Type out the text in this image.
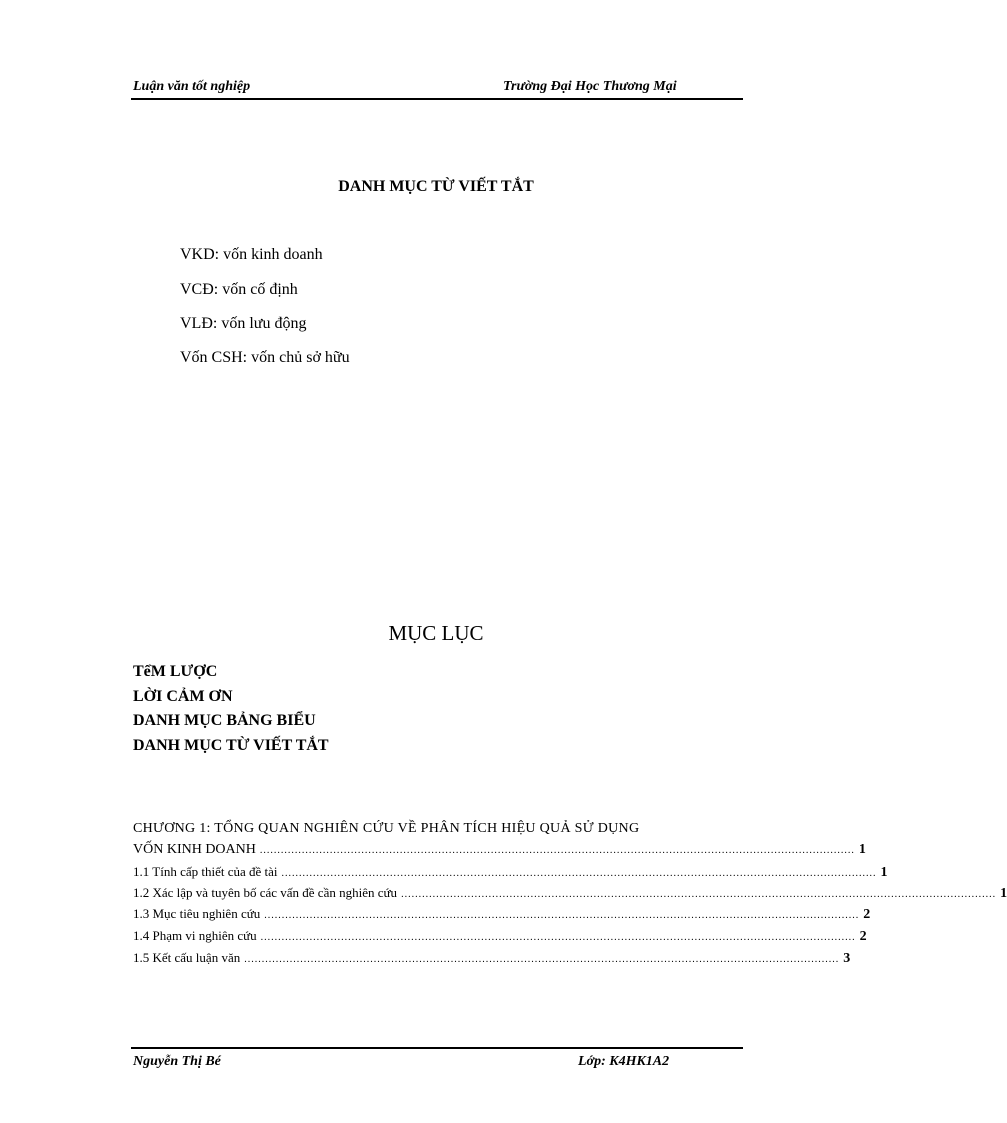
Luận văn tốt nghiệp	Trường Đại Học Thương Mại
DANH MỤC TỪ VIẾT TẮT
VKD: vốn kinh doanh
VCĐ: vốn cố định
VLĐ: vốn lưu động
Vốn CSH: vốn chủ sở hữu
MỤC LỤC
TểM LƯỢC
LỜI CẢM ƠN
DANH MỤC BẢNG BIỂU
DANH MỤC TỪ VIẾT TẮT
CHƯƠNG 1: TỔNG QUAN NGHIÊN CỨU VỀ PHÂN TÍCH HIỆU QUẢ SỬ DỤNG
VỐN KINH DOANH .......................................................................................................................................................................... 1
1.1 Tính cấp thiết của đề tài .......................................................................................................................................................................... 1
1.2 Xác lập và tuyên bố các vấn đề cần nghiên cứu .......................................................................................................................................................................... 1
1.3 Mục tiêu nghiên cứu .......................................................................................................................................................................... 2
1.4 Phạm vi nghiên cứu .......................................................................................................................................................................... 2
1.5 Kết cấu luận văn .......................................................................................................................................................................... 3
Nguyễn Thị Bé	Lớp: K4HK1A2
